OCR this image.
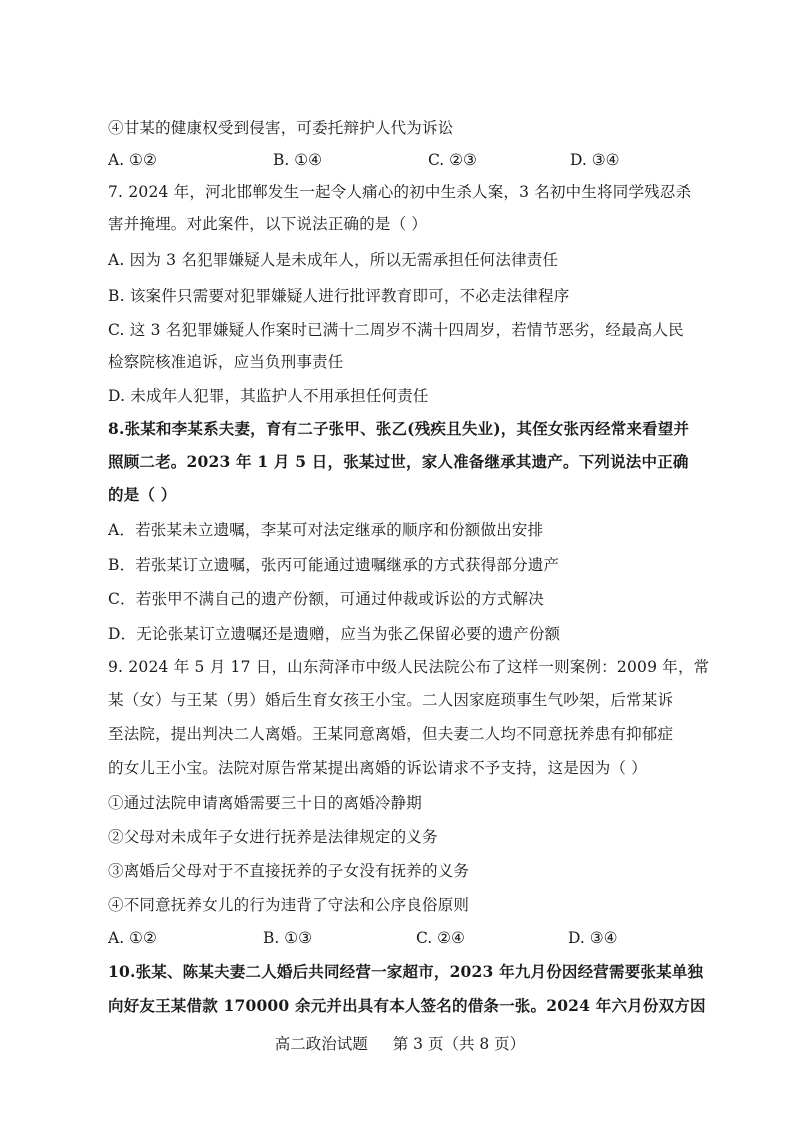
④甘某的健康权受到侵害，可委托辩护人代为诉讼
A. ①②	B. ①④	C. ②③	D. ③④
7. 2024 年，河北邯郸发生一起令人痛心的初中生杀人案，3 名初中生将同学残忍杀
害并掩埋。对此案件，以下说法正确的是（ ）
A. 因为 3 名犯罪嫌疑人是未成年人，所以无需承担任何法律责任
B. 该案件只需要对犯罪嫌疑人进行批评教育即可，不必走法律程序
C. 这 3 名犯罪嫌疑人作案时已满十二周岁不满十四周岁，若情节恶劣，经最高人民
检察院核准追诉，应当负刑事责任
D. 未成年人犯罪，其监护人不用承担任何责任
8.张某和李某系夫妻，育有二子张甲、张乙(残疾且失业)，其侄女张丙经常来看望并
照顾二老。2023 年 1 月 5 日，张某过世，家人准备继承其遗产。下列说法中正确
的是（ ）
A．若张某未立遗嘱，李某可对法定继承的顺序和份额做出安排
B．若张某订立遗嘱，张丙可能通过遗嘱继承的方式获得部分遗产
C．若张甲不满自己的遗产份额，可通过仲裁或诉讼的方式解决
D．无论张某订立遗嘱还是遗赠，应当为张乙保留必要的遗产份额
9. 2024 年 5 月 17 日，山东菏泽市中级人民法院公布了这样一则案例：2009 年，常
某（女）与王某（男）婚后生育女孩王小宝。二人因家庭琐事生气吵架，后常某诉
至法院，提出判决二人离婚。王某同意离婚，但夫妻二人均不同意抚养患有抑郁症
的女儿王小宝。法院对原告常某提出离婚的诉讼请求不予支持，这是因为（ ）
①通过法院申请离婚需要三十日的离婚冷静期
②父母对未成年子女进行抚养是法律规定的义务
③离婚后父母对于不直接抚养的子女没有抚养的义务
④不同意抚养女儿的行为违背了守法和公序良俗原则
A. ①②	B. ①③	C. ②④	D. ③④
10.张某、陈某夫妻二人婚后共同经营一家超市，2023 年九月份因经营需要张某单独
向好友王某借款 170000 余元并出具有本人签名的借条一张。2024 年六月份双方因
高二政治试题 第 3 页（共 8 页）
